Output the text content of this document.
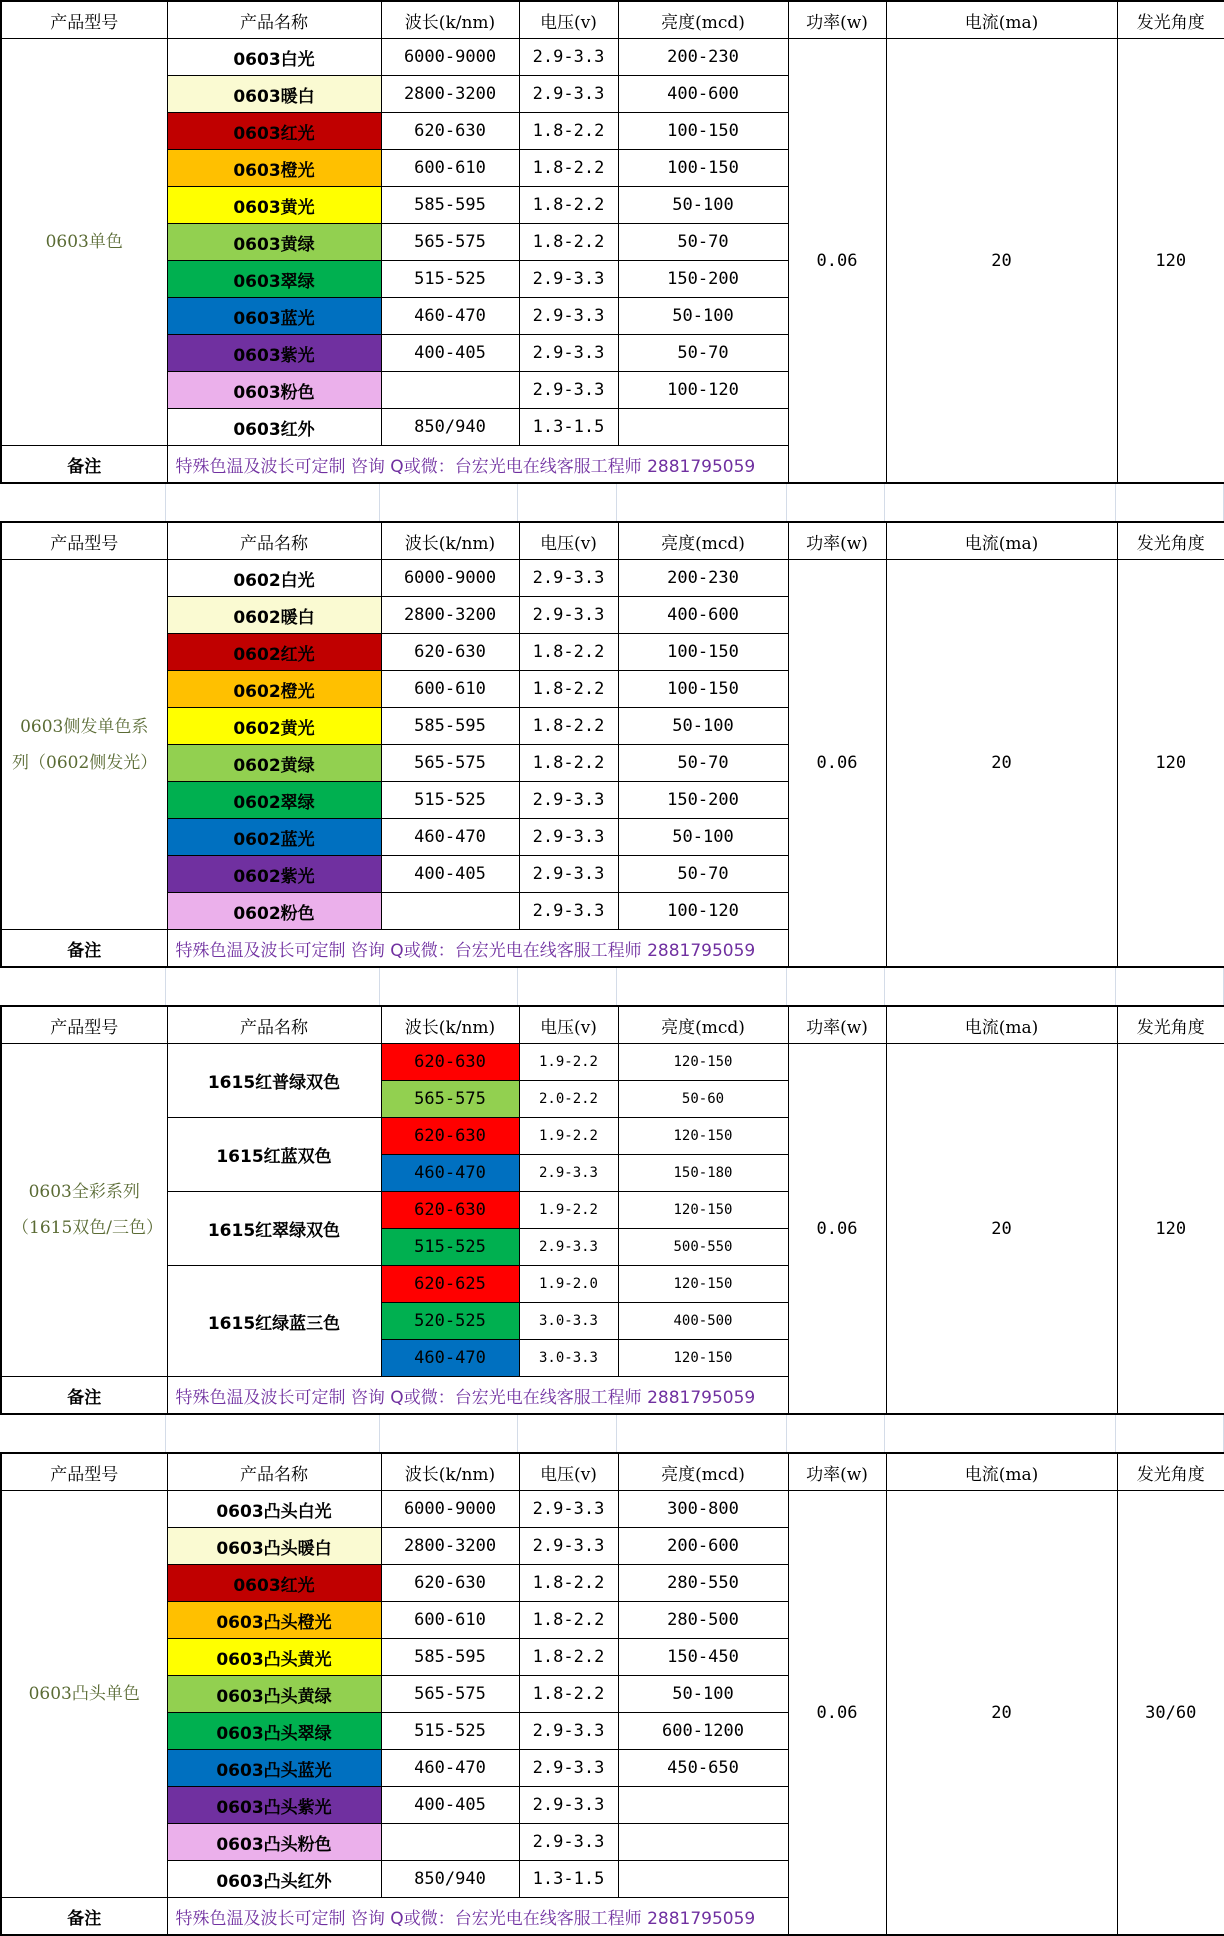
产品型号	产品名称	波长(k/nm)	电压(v)	亮度(mcd)	功率(w)	电流(ma)	发光角度
0603单色	0603白光	6000-9000	2.9-3.3	200-230	0.06	20	120
	0603暖白	2800-3200	2.9-3.3	400-600			
	0603红光	620-630	1.8-2.2	100-150			
	0603橙光	600-610	1.8-2.2	100-150			
	0603黄光	585-595	1.8-2.2	50-100			
	0603黄绿	565-575	1.8-2.2	50-70			
	0603翠绿	515-525	2.9-3.3	150-200			
	0603蓝光	460-470	2.9-3.3	50-100			
	0603紫光	400-405	2.9-3.3	50-70			
	0603粉色		2.9-3.3	100-120			
	0603红外	850/940	1.3-1.5				
备注	特殊色温及波长可定制 咨询 Q或微：台宏光电在线客服工程师 2881795059						
产品型号	产品名称	波长(k/nm)	电压(v)	亮度(mcd)	功率(w)	电流(ma)	发光角度
0603侧发单色系列（0602侧发光）	0602白光	6000-9000	2.9-3.3	200-230	0.06	20	120
	0602暖白	2800-3200	2.9-3.3	400-600			
	0602红光	620-630	1.8-2.2	100-150			
	0602橙光	600-610	1.8-2.2	100-150			
	0602黄光	585-595	1.8-2.2	50-100			
	0602黄绿	565-575	1.8-2.2	50-70			
	0602翠绿	515-525	2.9-3.3	150-200			
	0602蓝光	460-470	2.9-3.3	50-100			
	0602紫光	400-405	2.9-3.3	50-70			
	0602粉色		2.9-3.3	100-120			
备注	特殊色温及波长可定制 咨询 Q或微：台宏光电在线客服工程师 2881795059						
产品型号	产品名称	波长(k/nm)	电压(v)	亮度(mcd)	功率(w)	电流(ma)	发光角度
0603全彩系列（1615双色/三色）	1615红普绿双色	620-630	1.9-2.2	120-150	0.06	20	120
		565-575	2.0-2.2	50-60			
	1615红蓝双色	620-630	1.9-2.2	120-150			
		460-470	2.9-3.3	150-180			
	1615红翠绿双色	620-630	1.9-2.2	120-150			
		515-525	2.9-3.3	500-550			
	1615红绿蓝三色	620-625	1.9-2.0	120-150			
		520-525	3.0-3.3	400-500			
		460-470	3.0-3.3	120-150			
备注	特殊色温及波长可定制 咨询 Q或微：台宏光电在线客服工程师 2881795059						
产品型号	产品名称	波长(k/nm)	电压(v)	亮度(mcd)	功率(w)	电流(ma)	发光角度
0603凸头单色	0603凸头白光	6000-9000	2.9-3.3	300-800	0.06	20	30/60
	0603凸头暖白	2800-3200	2.9-3.3	200-600			
	0603红光	620-630	1.8-2.2	280-550			
	0603凸头橙光	600-610	1.8-2.2	280-500			
	0603凸头黄光	585-595	1.8-2.2	150-450			
	0603凸头黄绿	565-575	1.8-2.2	50-100			
	0603凸头翠绿	515-525	2.9-3.3	600-1200			
	0603凸头蓝光	460-470	2.9-3.3	450-650			
	0603凸头紫光	400-405	2.9-3.3				
	0603凸头粉色		2.9-3.3				
	0603凸头红外	850/940	1.3-1.5				
备注	特殊色温及波长可定制 咨询 Q或微：台宏光电在线客服工程师 2881795059						
